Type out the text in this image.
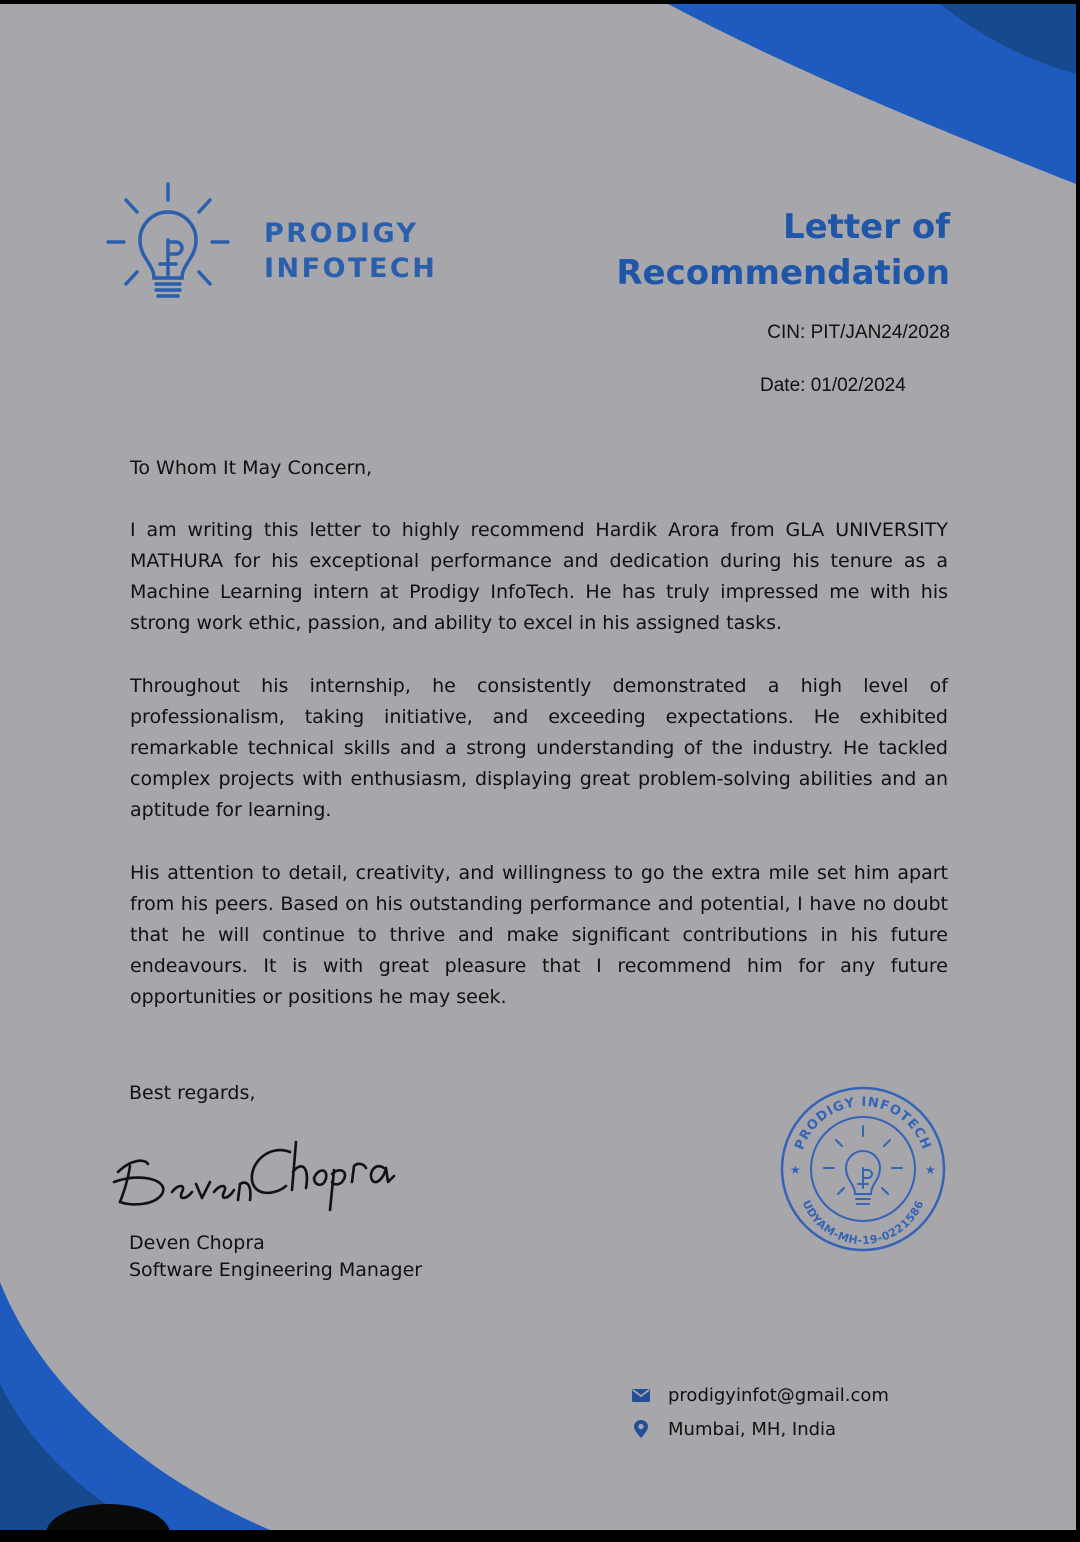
PRODIGY
INFOTECH
Letter of
Recommendation
CIN: PIT/JAN24/2028
Date: 01/02/2024
To Whom It May Concern,
I am writing this letter to highly recommend Hardik Arora from GLA UNIVERSITY MATHURA for his exceptional performance and dedication during his tenure as a Machine Learning intern at Prodigy InfoTech. He has truly impressed me with his strong work ethic, passion, and ability to excel in his assigned tasks.
Throughout his internship, he consistently demonstrated a high level of professionalism, taking initiative, and exceeding expectations. He exhibited remarkable technical skills and a strong understanding of the industry. He tackled complex projects with enthusiasm, displaying great problem-solving abilities and an aptitude for learning.
His attention to detail, creativity, and willingness to go the extra mile set him apart from his peers. Based on his outstanding performance and potential, I have no doubt that he will continue to thrive and make significant contributions in his future endeavours. It is with great pleasure that I recommend him for any future opportunities or positions he may seek.
Best regards,
Deven Chopra
Software Engineering Manager
PRODIGY INFOTECH
UDYAM-MH-19-0221586
★	★
prodigyinfot@gmail.com
Mumbai, MH, India
